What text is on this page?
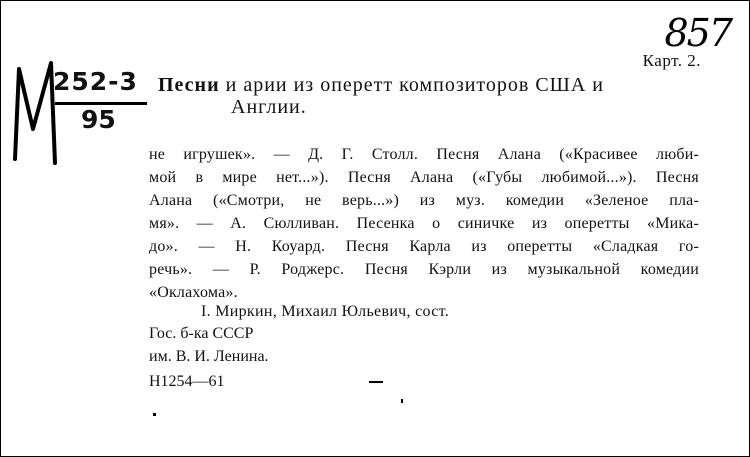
857
Карт. 2.
252-3
95
Песни и арии из оперетт композиторов США и
Англии.
не игрушек». — Д. Г. Столл. Песня Алана («Красивее люби-
мой в мире нет...»). Песня Алана («Губы любимой...»). Песня
Алана («Смотри, не верь...») из муз. комедии «Зеленое пла-
мя». — А. Сюлливан. Песенка о синичке из оперетты «Мика-
до». — Н. Коуард. Песня Карла из оперетты «Сладкая го-
речь». — Р. Роджерс. Песня Кэрли из музыкальной комедии
«Оклахома».
I. Миркин, Михаил Юльевич, сост.
Гос. б-ка СССР
им. В. И. Ленина.
Н1254—61
